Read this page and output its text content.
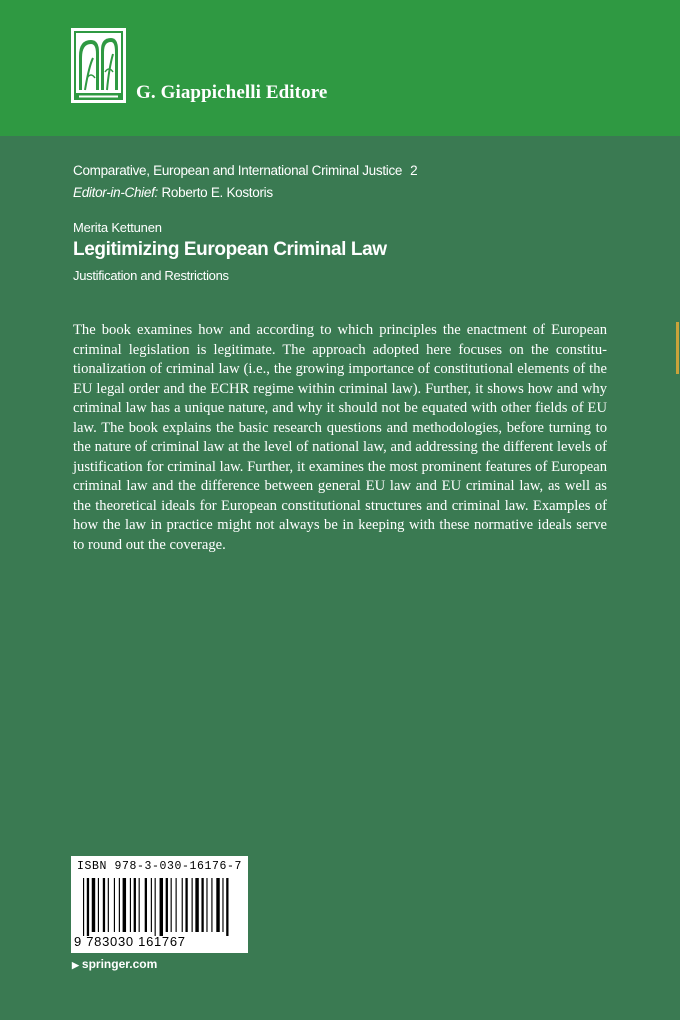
G. Giappichelli Editore
Comparative, European and International Criminal Justice 2
Editor-in-Chief: Roberto E. Kostoris
Merita Kettunen
Legitimizing European Criminal Law
Justification and Restrictions

The book examines how and according to which principles the enactment of European criminal legislation is legitimate. The approach adopted here focuses on the constitutionalization of criminal law (i.e., the growing importance of constitutional elements of the EU legal order and the ECHR regime within criminal law). Further, it shows how and why criminal law has a unique nature, and why it should not be equated with other fields of EU law. The book explains the basic research questions and methodologies, before turning to the nature of criminal law at the level of national law, and addressing the different levels of justification for criminal law. Further, it examines the most prominent features of European criminal law and the difference between general EU law and EU criminal law, as well as the theoretical ideals for European constitutional structures and criminal law. Examples of how the law in practice might not always be in keeping with these normative ideals serve to round out the coverage.

ISBN 978-3-030-16176-7
9 783030 161767
▶ springer.com
